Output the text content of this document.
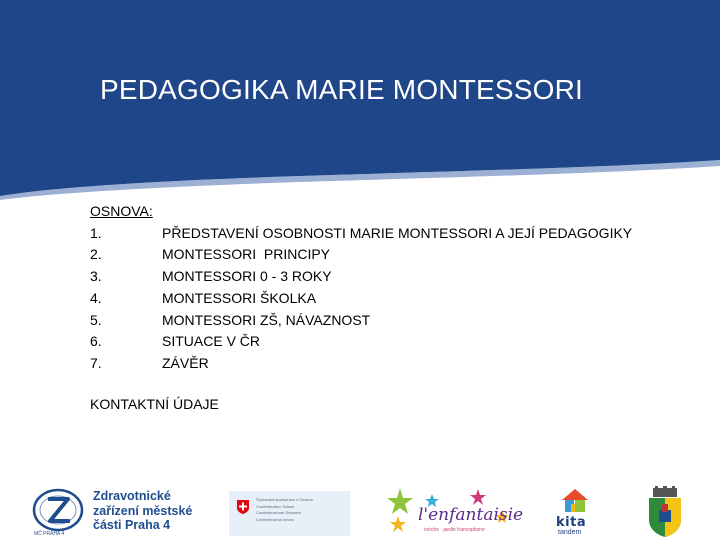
PEDAGOGIKA MARIE MONTESSORI
OSNOVA:
1.	PŘEDSTAVENÍ OSOBNOSTI MARIE MONTESSORI A JEJÍ PEDAGOGIKY
2.	MONTESSORI  PRINCIPY
3.	MONTESSORI 0 - 3 ROKY
4.	MONTESSORI ŠKOLKA
5.	MONTESSORI ZŠ, NÁVAZNOST
6.	SITUACE V ČR
7.	ZÁVĚR
KONTAKTNÍ ÚDAJE
MČ PRAHA 4
Zdravotnické
zařízení městské
části Praha 4
Švýcarská spolupráce s Českou
Confederation Suisse
Confederazione Svizzera
Confederaziun svizra	l'enfantaisie
crèche · jardin francophone	kita
tandem
